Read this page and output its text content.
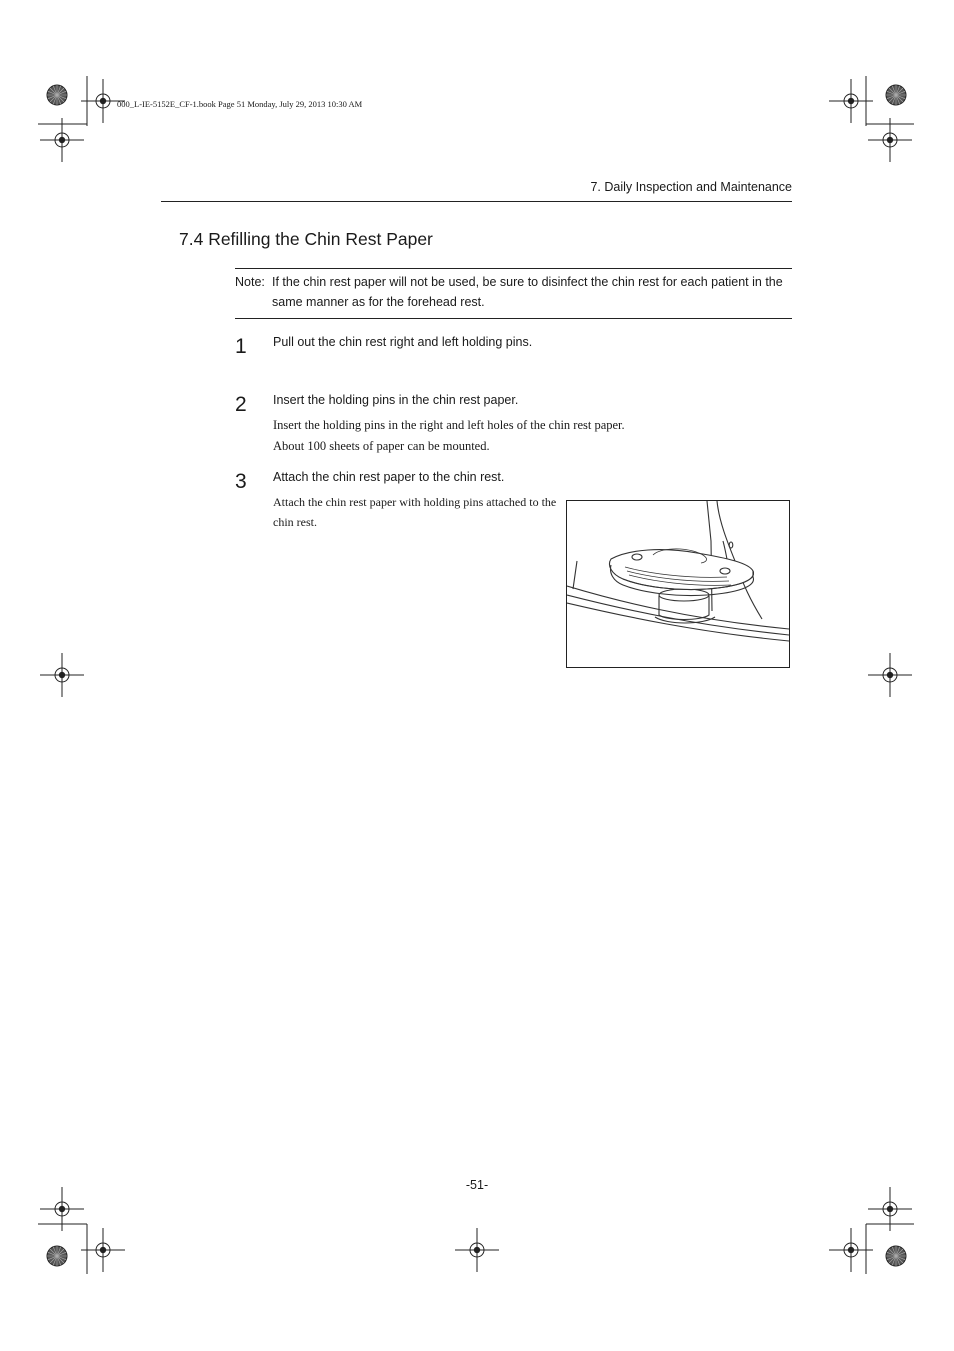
000_L-IE-5152E_CF-1.book Page 51 Monday, July 29, 2013 10:30 AM
7. Daily Inspection and Maintenance
7.4 Refilling the Chin Rest Paper
Note: If the chin rest paper will not be used, be sure to disinfect the chin rest for each patient in the same manner as for the forehead rest.
1 Pull out the chin rest right and left holding pins.
2 Insert the holding pins in the chin rest paper.
Insert the holding pins in the right and left holes of the chin rest paper.
About 100 sheets of paper can be mounted.
3 Attach the chin rest paper to the chin rest.
Attach the chin rest paper with holding pins attached to the chin rest.
-51-
